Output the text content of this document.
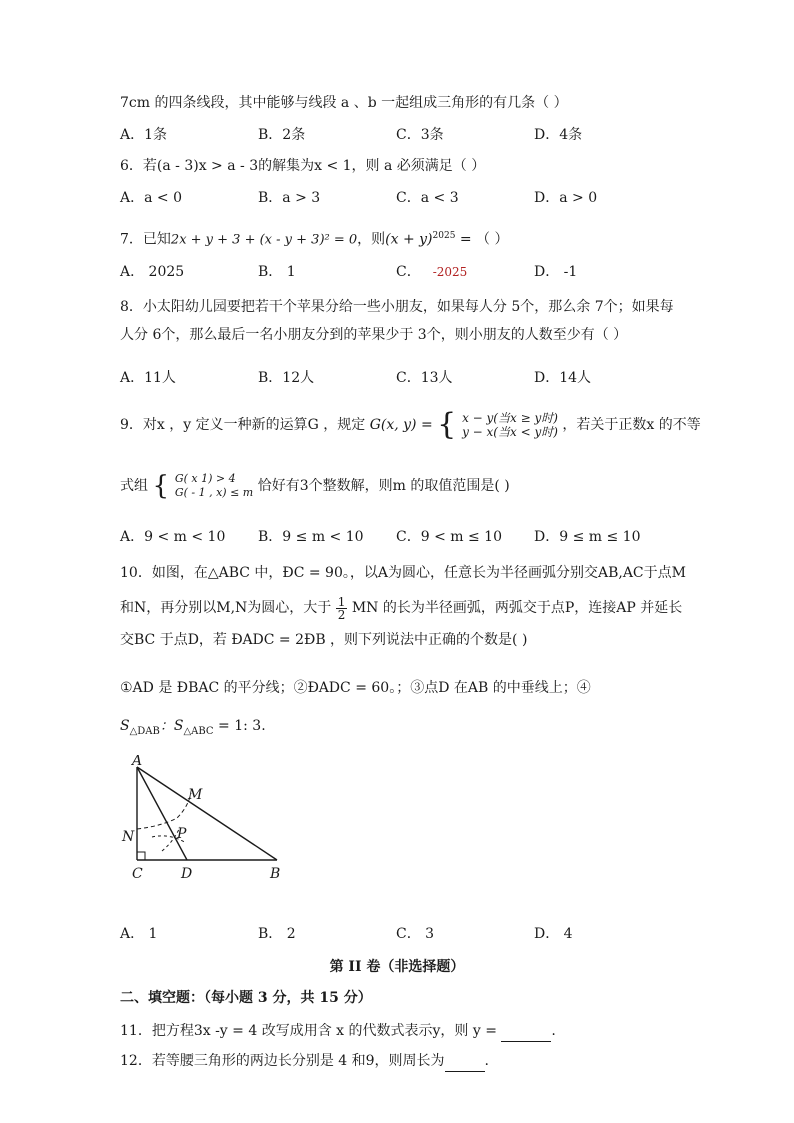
7cm 的四条线段，其中能够与线段 a 、b 一起组成三角形的有几条（ ）
A．1条	B．2条	C．3条	D．4条
6．若(a - 3)x > a - 3的解集为x < 1，则 a 必须满足（ ）
A．a < 0	B．a > 3	C．a < 3	D．a > 0
7．已知2x + y + 3 + (x - y + 3)² = 0，则$(x + y)^{2025}$ = （ ）
A． 2025	B． 1	C． -2025	D． -1
8．小太阳幼儿园要把若干个苹果分给一些小朋友，如果每人分 5个，那么余 7个；如果每
人分 6个，那么最后一名小朋友分到的苹果少于 3个，则小朋友的人数至少有（ ）
A．11人	B．12人	C．13人	D．14人
9．对x ，y 定义一种新的运算G ，规定 G(x, y) = { x − y(当x ≥ y时)
y − x(当x < y时) ，若关于正数x 的不等
式组 { G( x 1) > 4
G( - 1 , x) ≤ m 恰好有3个整数解，则m 的取值范围是( )
A．9 < m < 10 B．9 ≤ m < 10 C．9 < m ≤ 10 D．9 ≤ m ≤ 10
10．如图，在△ABC 中，ÐC = 90。，以A为圆心，任意长为半径画弧分别交AB,AC于点M
和N，再分别以M,N为圆心，大于 $\frac{1}{2}$ MN 的长为半径画弧，两弧交于点P，连接AP 并延长
交BC 于点D，若 ÐADC = 2ÐB ，则下列说法中正确的个数是( )
①AD 是 ÐBAC 的平分线；②ÐADC = 60。；③点D 在AB 的中垂线上；④
$S_{\triangle DAB}$：$S_{\triangle ABC} = 1$: 3.
A
M
N	P
C	D	B
A． 1	B． 2	C． 3	D． 4
第 II 卷（非选择题）
二、填空题：（每小题 3 分，共 15 分）
11．把方程3x -y = 4 改写成用含 x 的代数式表示y，则 y =	.
12．若等腰三角形的两边长分别是 4 和9，则周长为	.
